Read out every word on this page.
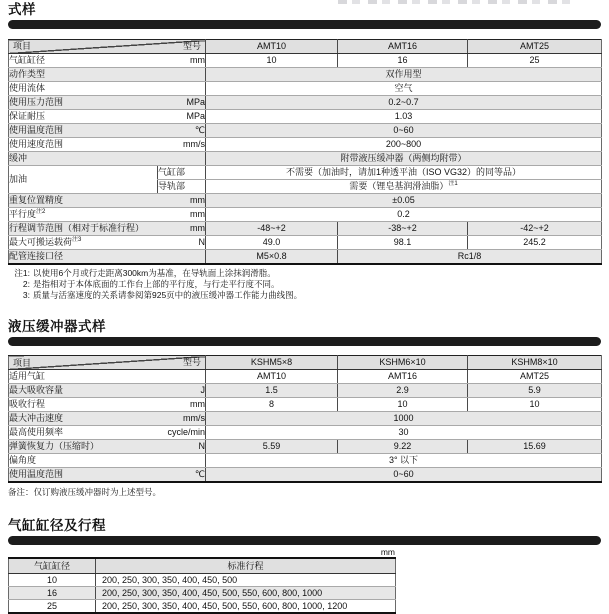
式样
型号
项目		AMT10	AMT16	AMT25

气缸缸径 mm		10	16	25

动作类型		双作用型		

使用流体		空气		

使用压力范围 MPa		0.2~0.7		

保证耐压 MPa		1.03		

使用温度范围 ℃		0~60		

使用速度范围 mm/s		200~800		

缓冲		附带液压缓冲器（两侧均附带）		
加油	气缸部	不需要（加油时，请加1种透平油（ISO VG32）的同等品）		
	导轨部	需要（锂皂基润滑油脂）$^{注1}$

重复位置精度 mm		±0.05		

平行度$^{注2}$ mm		0.2		

行程调节范围（相对于标准行程） mm		-48~+2	-38~+2	-42~+2

最大可搬运载荷$^{注3}$ N		49.0	98.1	245.2

配管连接口径		M5×0.8	Rc1/8	
注1: 以使用6个月或行走距离300km为基准，在导轨面上涂抹润滑脂。
2: 是指相对于本体底面的工作台上部的平行度，与行走平行度不同。
3: 质量与活塞速度的关系请参阅第925页中的液压缓冲器工作能力曲线图。
液压缓冲器式样
项目 型号	KSHM5×8	KSHM6×10	KSHM8×10

适用气缸	AMT10	AMT16	AMT25

最大吸收容量 J	1.5	2.9	5.9

吸收行程 mm	8	10	10

最大冲击速度 mm/s	1000		

最高使用频率 cycle/min	30		

弹簧恢复力（压缩时） N	5.59	9.22	15.69

偏角度	3° 以下		

使用温度范围 ℃	0~60		
备注：仅订购液压缓冲器时为上述型号。
气缸缸径及行程
mm
气缸缸径	标准行程
10	200, 250, 300, 350, 400, 450, 500
16	200, 250, 300, 350, 400, 450, 500, 550, 600, 800, 1000
25	200, 250, 300, 350, 400, 450, 500, 550, 600, 800, 1000, 1200
